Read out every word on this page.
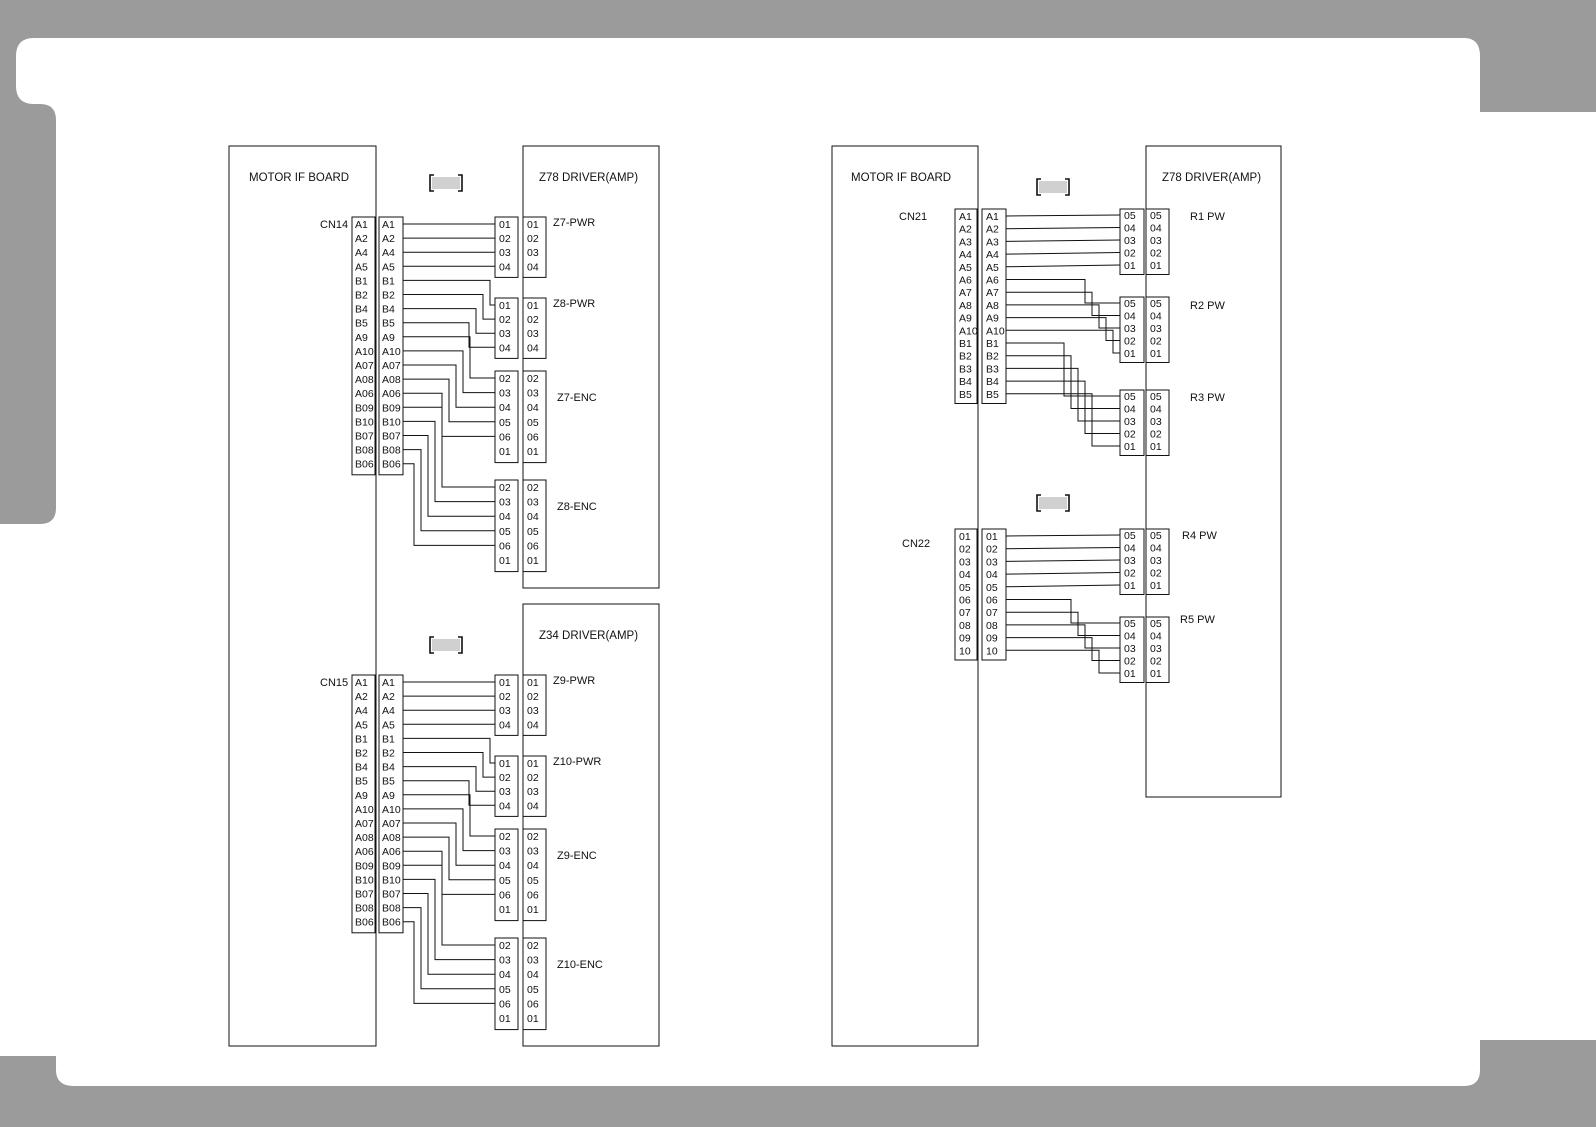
MOTOR IF BOARD	Z78 DRIVER(AMP)
Z34 DRIVER(AMP)
CN14 A1 A1
A2 A2
A4 A4
A5 A5
B1 B1
B2 B2
B4 B4
B5 B5
A9 A9
A10 A10
A07 A07
A08 A08
A06 A06
B09 B09
B10 B10
B07 B07
B08 B08
B06 B06
Z7-PWR
01 01
02 02
03 03
04 04
Z8-PWR
01 01
02 02
03 03
04 04
Z7-ENC
02 02
03 03
04 04
05 05
06 06
01 01
Z8-ENC
02 02
03 03
04 04
05 05
06 06
01 01
CN15 A1 A1
A2 A2
A4 A4
A5 A5
B1 B1
B2 B2
B4 B4
B5 B5
A9 A9
A10 A10
A07 A07
A08 A08
A06 A06
B09 B09
B10 B10
B07 B07
B08 B08
B06 B06
Z9-PWR
01 01
02 02
03 03
04 04
Z10-PWR
01 01
02 02
03 03
04 04
Z9-ENC
02 02
03 03
04 04
05 05
06 06
01 01
Z10-ENC
02 02
03 03
04 04
05 05
06 06
01 01
MOTOR IF BOARD	Z78 DRIVER(AMP)
CN21	A1 A1
A2 A2
A3 A3
A4 A4
A5 A5
A6 A6
A7 A7
A8 A8
A9 A9
A10 A10
B1 B1
B2 B2
B3 B3
B4 B4
B5 B5
R1 PW
05 05
04 04
03 03
02 02
01 01
R2 PW
05 05
04 04
03 03
02 02
01 01
R3 PW
05 05
04 04
03 03
02 02
01 01
CN22
01 01
02 02
03 03
04 04
05 05
06 06
07 07
08 08
09 09
10 10
R4 PW
05 05
04 04
03 03
02 02
01 01
R5 PW
05 05
04 04
03 03
02 02
01 01
